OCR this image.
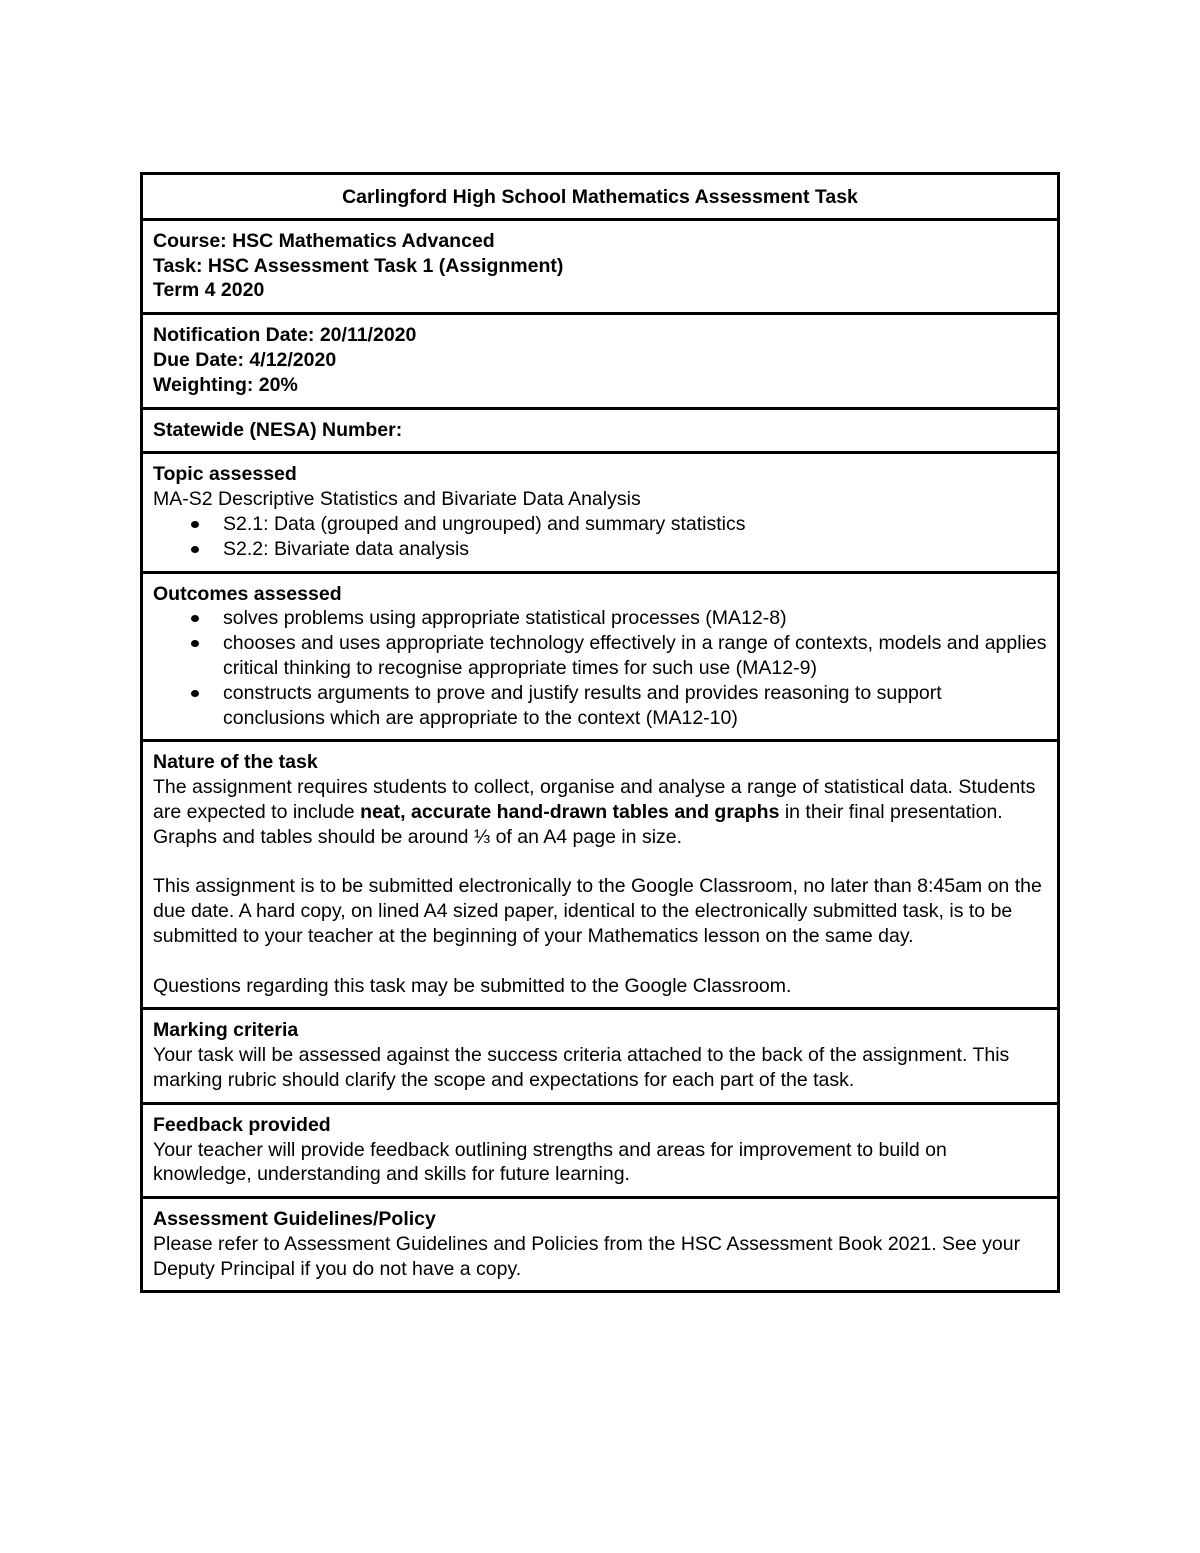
Carlingford High School Mathematics Assessment Task
Course: HSC Mathematics Advanced
Task: HSC Assessment Task 1 (Assignment)
Term 4 2020
Notification Date: 20/11/2020
Due Date: 4/12/2020
Weighting: 20%
Statewide (NESA) Number:
Topic assessed
MA-S2 Descriptive Statistics and Bivariate Data Analysis
S2.1: Data (grouped and ungrouped) and summary statistics
S2.2: Bivariate data analysis
Outcomes assessed
solves problems using appropriate statistical processes (MA12-8)
chooses and uses appropriate technology effectively in a range of contexts, models and applies critical thinking to recognise appropriate times for such use (MA12-9)
constructs arguments to prove and justify results and provides reasoning to support conclusions which are appropriate to the context (MA12-10)
Nature of the task
The assignment requires students to collect, organise and analyse a range of statistical data. Students are expected to include neat, accurate hand-drawn tables and graphs in their final presentation. Graphs and tables should be around ⅓ of an A4 page in size.
This assignment is to be submitted electronically to the Google Classroom, no later than 8:45am on the due date. A hard copy, on lined A4 sized paper, identical to the electronically submitted task, is to be submitted to your teacher at the beginning of your Mathematics lesson on the same day.
Questions regarding this task may be submitted to the Google Classroom.
Marking criteria
Your task will be assessed against the success criteria attached to the back of the assignment. This marking rubric should clarify the scope and expectations for each part of the task.
Feedback provided
Your teacher will provide feedback outlining strengths and areas for improvement to build on knowledge, understanding and skills for future learning.
Assessment Guidelines/Policy
Please refer to Assessment Guidelines and Policies from the HSC Assessment Book 2021. See your Deputy Principal if you do not have a copy.
